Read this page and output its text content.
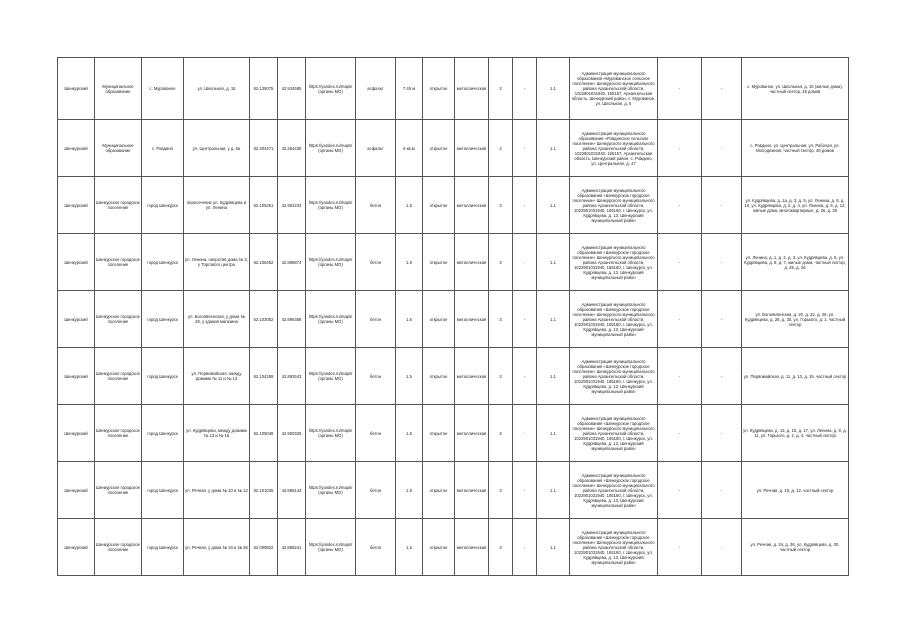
Шенкурский	Муниципальное образование	с. Мурованое	ул. Школьная, д. 15	62.135075	42.534585	https://yandex.ru/maps/ (органы МО)	асфальт	7.45 м	открытое	металлическая	2	-	1.1	Администрация муниципального образования «Мурованское сельское поселение» Шенкурского муниципального района Архангельской области, 1022901031940, 165157, Архангельская область, Шенкурский район, с. Мурованое, ул. Школьная, д. 5	-	-	с. Мурованое, ул. Школьная, д. 15 (жилые дома), частный сектор, 45 домов
Шенкурский	Муниципальное образование	с. Ровдино	ул. Центральная, у д. 5а	62.204471	42.264430	https://yandex.ru/maps/ (органы МО)	асфальт	6 кв.м	открытое	металлическая	2	-	1.1	Администрация муниципального образования «Ровдинское сельское поселение» Шенкурского муниципального района Архангельской области, 1022901031940, 165157, Архангельская область, Шенкурский район, с. Ровдино, ул. Центральная, д. 47	-	-	с. Ровдино, ул. Центральная, ул. Рабочая, ул. Молодежная, частный сектор, 40 домов
Шенкурский	Шенкурское городское поселение	город Шенкурск	пересечение ул. Кудрявцева и ул. Ленина	62.105261	42.902233	https://yandex.ru/maps/ (органы МО)	бетон	1.5	открытое	металлическая	3	-	1.1	Администрация муниципального образования «Шенкурское городское поселение» Шенкурского муниципального района Архангельской области, 1022901031940, 165160, г. Шенкурск, ул. Кудрявцева, д. 13, Шенкурский муниципальный район	-	-	ул. Кудрявцева, д. 1а, д. 3, д. 5, ул. Ленина, д. 8, д. 10, ул. Кудрявцева, д. 2, д. 4, ул. Ленина, д. 6, д. 12, жилые дома, многоквартирные, д. 26, д. 28
Шенкурский	Шенкурское городское поселение	город Шенкурск	ул. Ленина, напротив дома № 3, у Торгового центра	62.106462	42.898874	https://yandex.ru/maps/ (органы МО)	бетон	1.5	открытое	металлическая	3	-	1.1	Администрация муниципального образования «Шенкурское городское поселение» Шенкурского муниципального района Архангельской области, 1022901031940, 165160, г. Шенкурск, ул. Кудрявцева, д. 13, Шенкурский муниципальный район	-	-	ул. Ленина, д. 1, д. 2, д. 3, ул. Кудрявцева, д. 5, ул. Кудрявцева, д. 6, д. 7, жилые дома, частный сектор, д. 25, д. 26
Шенкурский	Шенкурское городское поселение	город Шенкурск	ул. Богоявленская, у дома № 26, у здания магазина	62.103052	42.896358	https://yandex.ru/maps/ (органы МО)	бетон	1.5	открытое	металлическая	3	-	1.1	Администрация муниципального образования «Шенкурское городское поселение» Шенкурского муниципального района Архангельской области, 1022901031940, 165160, г. Шенкурск, ул. Кудрявцева, д. 13, Шенкурский муниципальный район	-	-	ул. Богоявленская, д. 20, д. 22, д. 26, ул. Кудрявцева, д. 28, д. 30, ул. Горького, д. 1, частный сектор
Шенкурский	Шенкурское городское поселение	город Шенкурск	ул. Первомайская, между домами № 11 и № 13	62.104289	42.892543	https://yandex.ru/maps/ (органы МО)	бетон	1.5	открытое	металлическая	3	-	1.1	Администрация муниципального образования «Шенкурское городское поселение» Шенкурского муниципального района Архангельской области, 1022901031940, 165160, г. Шенкурск, ул. Кудрявцева, д. 13, Шенкурский муниципальный район	-	-	ул. Первомайская, д. 11, д. 13, д. 15, частный сектор
Шенкурский	Шенкурское городское поселение	город Шенкурск	ул. Кудрявцева, между домами № 13 и № 15	62.105048	42.900326	https://yandex.ru/maps/ (органы МО)	бетон	1.5	открытое	металлическая	3	-	1.1	Администрация муниципального образования «Шенкурское городское поселение» Шенкурского муниципального района Архангельской области, 1022901031940, 165160, г. Шенкурск, ул. Кудрявцева, д. 13, Шенкурский муниципальный район	-	-	ул. Кудрявцева, д. 13, д. 15, д. 17, ул. Ленина, д. 9, д. 11, ул. Горького, д. 2, д. 4, частный сектор
Шенкурский	Шенкурское городское поселение	город Шенкурск	ул. Речная, у дома № 10 и № 12	62.101045	42.889143	https://yandex.ru/maps/ (органы МО)	бетон	1.5	открытое	металлическая	3	-	1.1	Администрация муниципального образования «Шенкурское городское поселение» Шенкурского муниципального района Архангельской области, 1022901031940, 165160, г. Шенкурск, ул. Кудрявцева, д. 13, Шенкурский муниципальный район	-	-	ул. Речная, д. 10, д. 12, частный сектор
Шенкурский	Шенкурское городское поселение	город Шенкурск	ул. Речная, у дома № 34 и № 36	62.099822	42.886241	https://yandex.ru/maps/ (органы МО)	бетон	1.5	открытое	металлическая	3	-	1.1	Администрация муниципального образования «Шенкурское городское поселение» Шенкурского муниципального района Архангельской области, 1022901031940, 165160, г. Шенкурск, ул. Кудрявцева, д. 13, Шенкурский муниципальный район	-	-	ул. Речная, д. 34, д. 36, ул. Кудрявцева, д. 30, частный сектор
